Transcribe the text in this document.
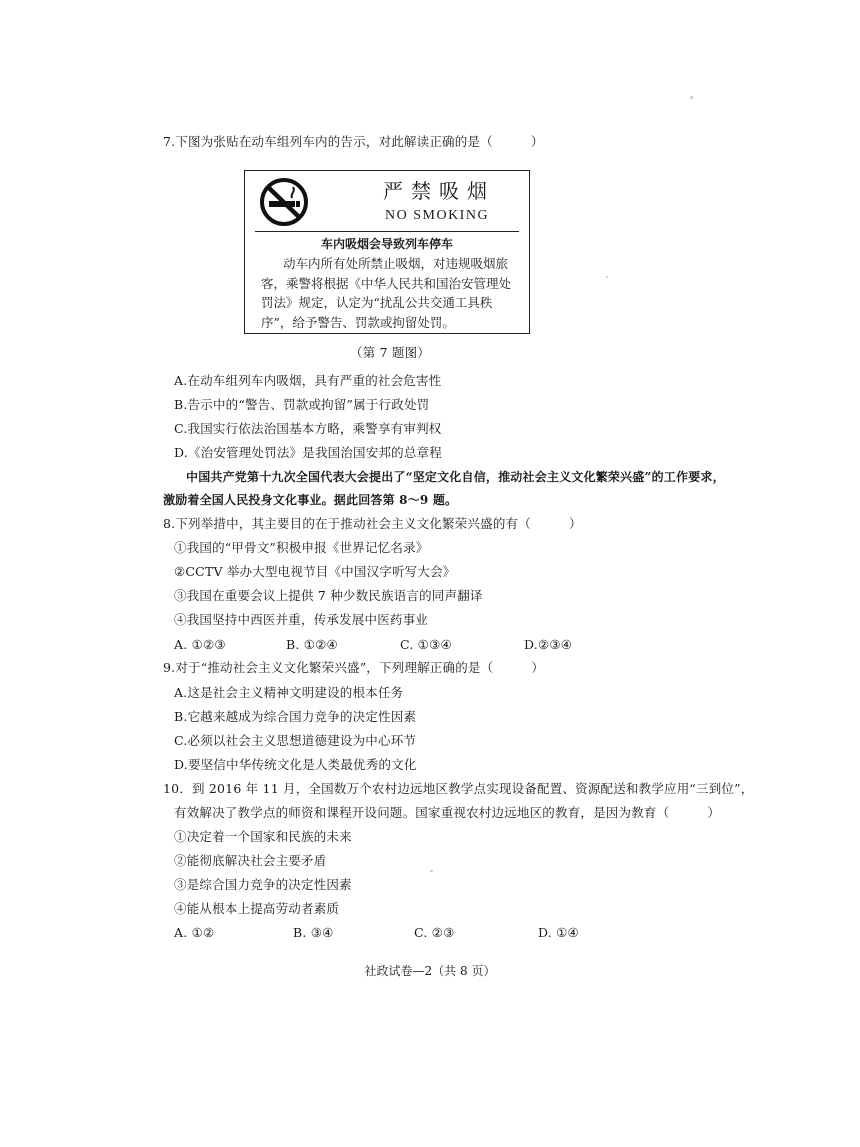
7.下图为张贴在动车组列车内的告示，对此解读正确的是（　　　）
严禁吸烟
NO SMOKING
车内吸烟会导致列车停车
动车内所有处所禁止吸烟，对违规吸烟旅
客，乘警将根据《中华人民共和国治安管理处
罚法》规定，认定为“扰乱公共交通工具秩
序”，给予警告、罚款或拘留处罚。
（第 7 题图）
A.在动车组列车内吸烟，具有严重的社会危害性
B.告示中的“警告、罚款或拘留”属于行政处罚
C.我国实行依法治国基本方略，乘警享有审判权
D.《治安管理处罚法》是我国治国安邦的总章程
中国共产党第十九次全国代表大会提出了“坚定文化自信，推动社会主义文化繁荣兴盛”的工作要求，
激励着全国人民投身文化事业。据此回答第 8～9 题。
8.下列举措中，其主要目的在于推动社会主义文化繁荣兴盛的有（　　　）
①我国的“甲骨文”积极申报《世界记忆名录》
②CCTV 举办大型电视节目《中国汉字听写大会》
③我国在重要会议上提供 7 种少数民族语言的同声翻译
④我国坚持中西医并重，传承发展中医药事业
A. ①②③	B. ①②④	C. ①③④	D.②③④
9.对于“推动社会主义文化繁荣兴盛”，下列理解正确的是（　　　）
A.这是社会主义精神文明建设的根本任务
B.它越来越成为综合国力竞争的决定性因素
C.必须以社会主义思想道德建设为中心环节
D.要坚信中华传统文化是人类最优秀的文化
10．到 2016 年 11 月，全国数万个农村边远地区教学点实现设备配置、资源配送和教学应用“三到位”，
有效解决了教学点的师资和课程开设问题。国家重视农村边远地区的教育，是因为教育（　　　）
①决定着一个国家和民族的未来
②能彻底解决社会主要矛盾
③是综合国力竞争的决定性因素
④能从根本上提高劳动者素质
A. ①②	B. ③④	C. ②③	D. ①④
社政试卷—2（共 8 页）
